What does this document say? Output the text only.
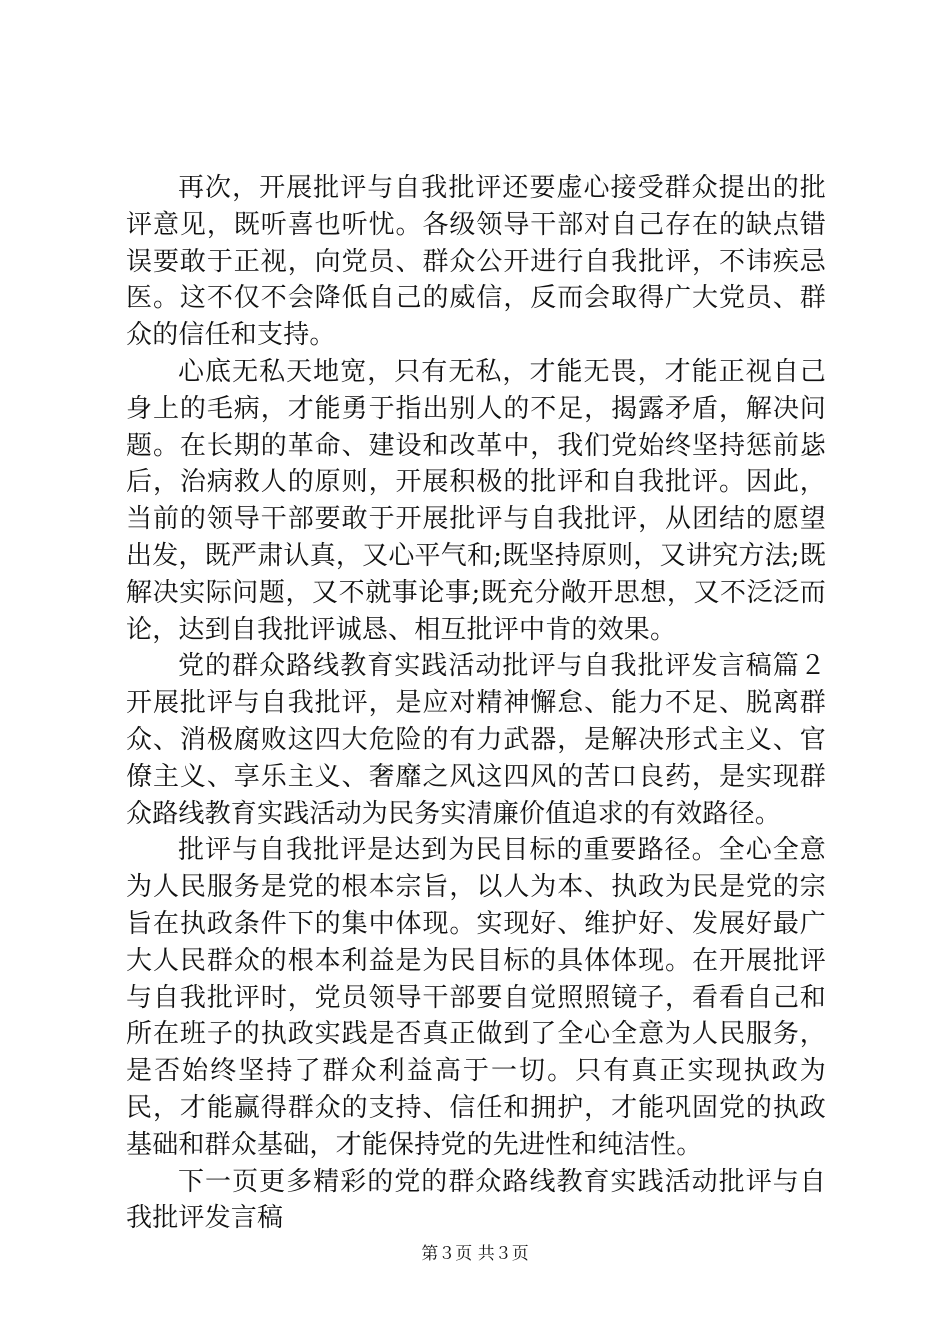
再次，开展批评与自我批评还要虚心接受群众提出的批评意见，既听喜也听忧。各级领导干部对自己存在的缺点错误要敢于正视，向党员、群众公开进行自我批评，不讳疾忌医。这不仅不会降低自己的威信，反而会取得广大党员、群众的信任和支持。

心底无私天地宽，只有无私，才能无畏，才能正视自己身上的毛病，才能勇于指出别人的不足，揭露矛盾，解决问题。在长期的革命、建设和改革中，我们党始终坚持惩前毖后，治病救人的原则，开展积极的批评和自我批评。因此，当前的领导干部要敢于开展批评与自我批评，从团结的愿望出发，既严肃认真，又心平气和;既坚持原则，又讲究方法;既解决实际问题，又不就事论事;既充分敞开思想，又不泛泛而论，达到自我批评诚恳、相互批评中肯的效果。

党的群众路线教育实践活动批评与自我批评发言稿篇２开展批评与自我批评，是应对精神懈怠、能力不足、脱离群众、消极腐败这四大危险的有力武器，是解决形式主义、官僚主义、享乐主义、奢靡之风这四风的苦口良药，是实现群众路线教育实践活动为民务实清廉价值追求的有效路径。

批评与自我批评是达到为民目标的重要路径。全心全意为人民服务是党的根本宗旨，以人为本、执政为民是党的宗旨在执政条件下的集中体现。实现好、维护好、发展好最广大人民群众的根本利益是为民目标的具体体现。在开展批评与自我批评时，党员领导干部要自觉照照镜子，看看自己和所在班子的执政实践是否真正做到了全心全意为人民服务，是否始终坚持了群众利益高于一切。只有真正实现执政为民，才能赢得群众的支持、信任和拥护，才能巩固党的执政基础和群众基础，才能保持党的先进性和纯洁性。

下一页更多精彩的党的群众路线教育实践活动批评与自我批评发言稿

第３页 共３页
